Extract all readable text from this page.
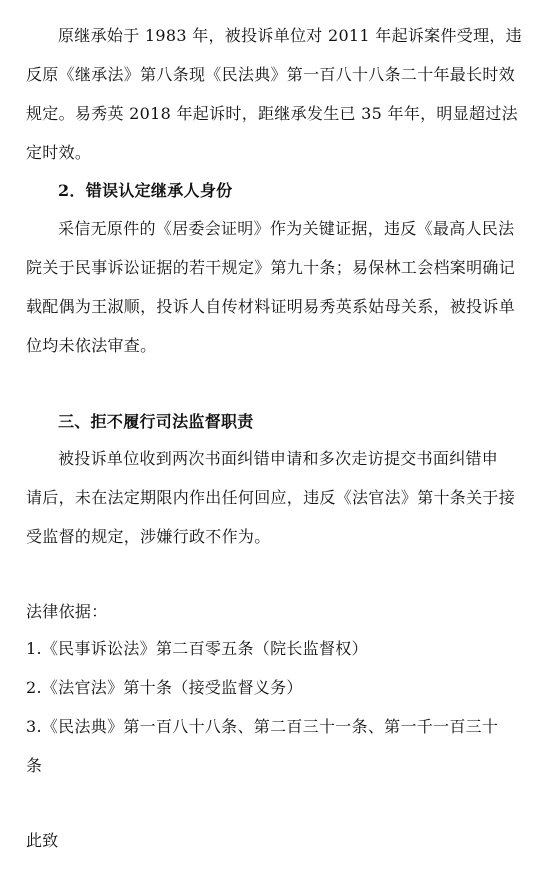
原继承始于 1983 年，被投诉单位对 2011 年起诉案件受理，违
反原《继承法》第八条现《民法典》第一百八十八条二十年最长时效
规定。易秀英 2018 年起诉时，距继承发生已 35 年年，明显超过法
定时效。
2．错误认定继承人身份
采信无原件的《居委会证明》作为关键证据，违反《最高人民法
院关于民事诉讼证据的若干规定》第九十条；易保林工会档案明确记
载配偶为王淑顺，投诉人自传材料证明易秀英系姑母关系，被投诉单
位均未依法审查。
三、拒不履行司法监督职责
被投诉单位收到两次书面纠错申请和多次走访提交书面纠错申
请后，未在法定期限内作出任何回应，违反《法官法》第十条关于接
受监督的规定，涉嫌行政不作为。
法律依据：
1.《民事诉讼法》第二百零五条（院长监督权）
2.《法官法》第十条（接受监督义务）
3.《民法典》第一百八十八条、第二百三十一条、第一千一百三十
条
此致
